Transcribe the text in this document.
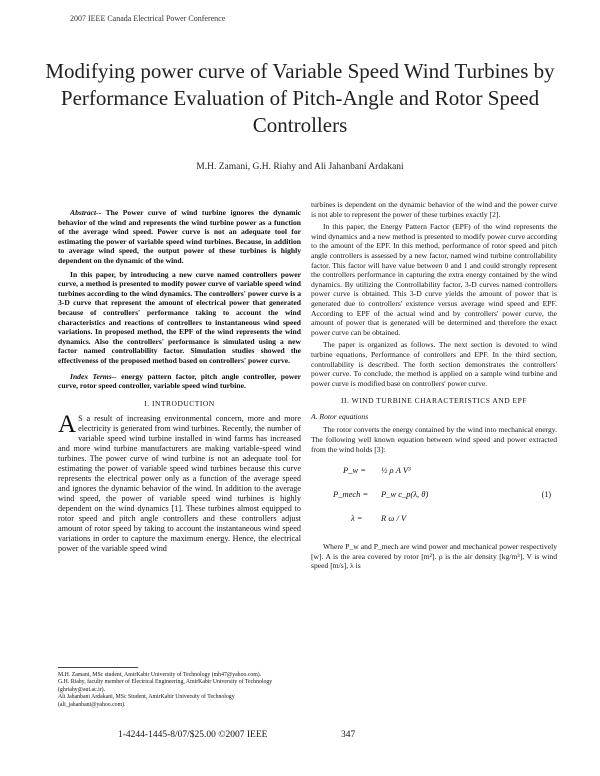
2007 IEEE Canada Electrical Power Conference
Modifying power curve of Variable Speed Wind Turbines by Performance Evaluation of Pitch-Angle and Rotor Speed Controllers
M.H. Zamani, G.H. Riahy and Ali Jahanbani Ardakani

Abstract-- The Power curve of wind turbine ignores the dynamic behavior of the wind and represents the wind turbine power as a function of the average wind speed. Power curve is not an adequate tool for estimating the power of variable speed wind turbines. Because, in addition to average wind speed, the output power of these turbines is highly dependent on the dynamic of the wind.

In this paper, by introducing a new curve named controllers power curve, a method is presented to modify power curve of variable speed wind turbines according to the wind dynamics. The controllers' power curve is a 3-D curve that represent the amount of electrical power that generated because of controllers' performance taking to account the wind characteristics and reactions of controllers to instantaneous wind speed variations. In proposed method, the EPF of the wind represents the wind dynamics. Also the controllers' performance is simulated using a new factor named controllability factor. Simulation studies showed the effectiveness of the proposed method based on controllers' power curve.

Index Terms-- energy pattern factor, pitch angle controller, power curve, rotor speed controller, variable speed wind turbine.

I. INTRODUCTION

A S a result of increasing environmental concern, more and more electricity is generated from wind turbines. Recently, the number of variable speed wind turbine installed in wind farms has increased and more wind turbine manufacturers are making variable-speed wind turbines. The power curve of wind turbine is not an adequate tool for estimating the power of variable speed wind turbines because this curve represents the electrical power only as a function of the average speed and ignores the dynamic behavior of the wind. In addition to the average wind speed, the power of variable speed wind turbines is highly dependent on the wind dynamics [1]. These turbines almost equipped to rotor speed and pitch angle controllers and these controllers adjust amount of rotor speed by taking to account the instantaneous wind speed variations in order to capture the maximum energy. Hence, the electrical power of the variable speed wind

M.H. Zamani, MSc student, AmirKabir University of Technology (mh47@yahoo.com).
G.H. Riahy, faculty member of Electrical Engineering, AmirKabir University of Technology (ghriahy@aut.ac.ir).
Ali Jahanbani Ardakani, MSc Student, AmirKabir University of Technology (ali_jahanbani@yahoo.com).
1-4244-1445-8/07/$25.00 ©2007 IEEE	347

turbines is dependent on the dynamic behavior of the wind and the power curve is not able to represent the power of these turbines exactly [2].

In this paper, the Energy Pattern Factor (EPF) of the wind represents the wind dynamics and a new method is presented to modify power curve according to the amount of the EPF. In this method, performance of rotor speed and pitch angle controllers is assessed by a new factor, named wind turbine controllability factor. This factor will have value between 0 and 1 and could strongly represent the controllers performance in capturing the extra energy contained by the wind dynamics. By utilizing the Controllability factor, 3-D curves named controllers power curve is obtained. This 3-D curve yields the amount of power that is generated due to controllers' existence versus average wind speed and EPF. According to EPF of the actual wind and by controllers' power curve, the amount of power that is generated will be determined and therefore the exact power curve can be obtained.

The paper is organized as follows. The next section is devoted to wind turbine equations, Performance of controllers and EPF. In the third section, controllability is described. The forth section demonstrates the controllers' power curve. To conclude, the method is applied on a sample wind turbine and power curve is modified base on controllers' power curve.

II. WIND TURBINE CHARACTERISTICS AND EPF
A. Rotor equations

The rotor converts the energy contained by the wind into mechanical energy. The following well known equation between wind speed and power extracted from the wind holds [3]:

P_w = ½ ρ A V³
P_mech = P_w c_p(λ, θ)
λ = R ω / V
(1)

Where P_w and P_mech are wind power and mechanical power respectively [w]. A is the area covered by rotor [m²]. ρ is the air density [kg/m³], V is wind speed [m/s], λ is
